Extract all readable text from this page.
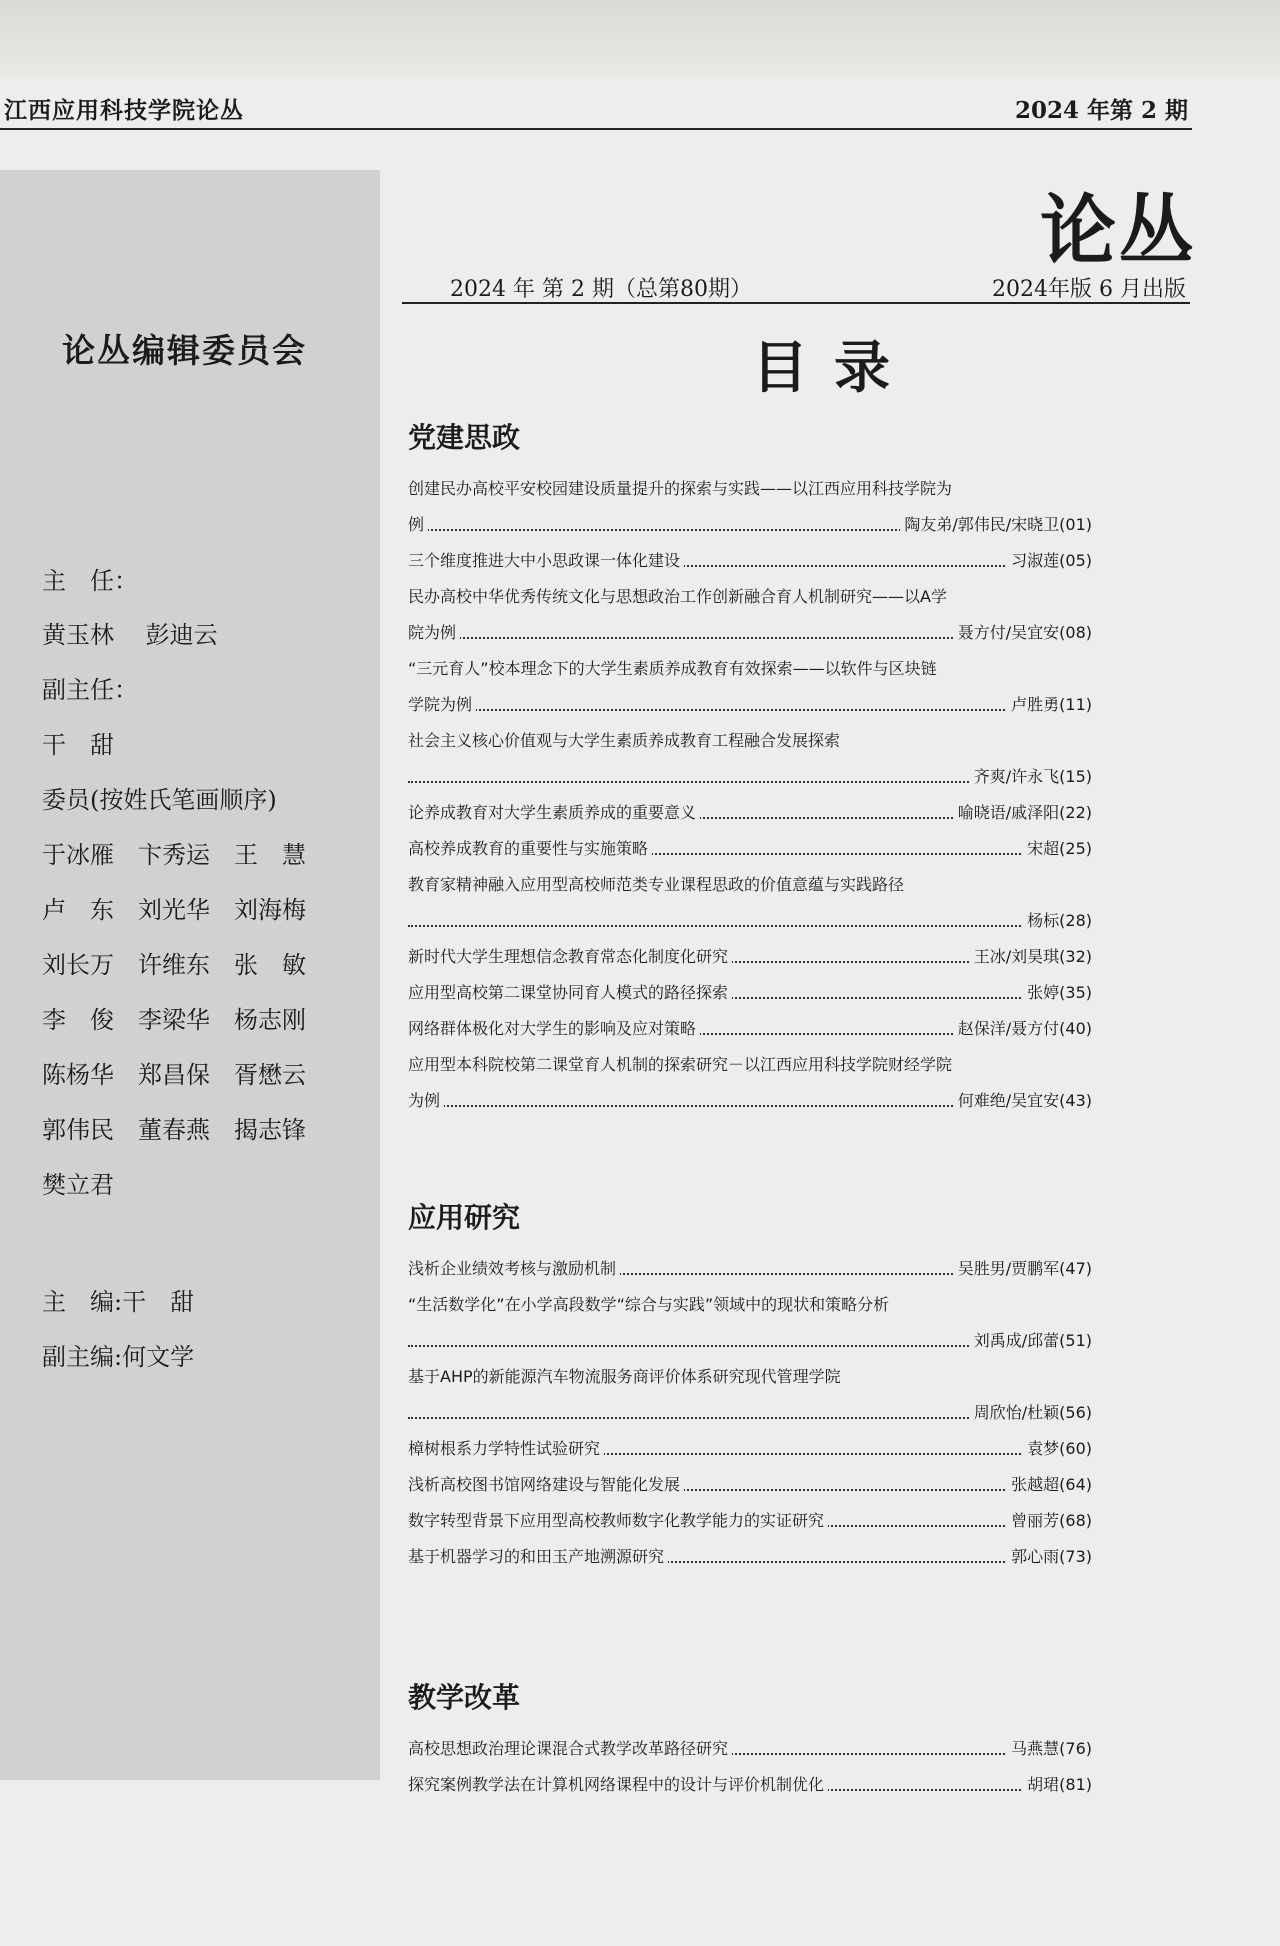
江西应用科技学院论丛	2024 年第 2 期
论丛编辑委员会
主　任：
黄玉林　 彭迪云
副主任：
干　甜
委员(按姓氏笔画顺序)
于冰雁　卞秀运　王　慧
卢　东　刘光华　刘海梅
刘长万　许维东　张　敏
李　俊　李梁华　杨志刚
陈杨华　郑昌保　胥懋云
郭伟民　董春燕　揭志锋
樊立君
主　编:干　甜
副主编:何文学
论丛
2024 年 第 2 期（总第80期）	2024年版 6 月出版
目录
党建思政
创建民办高校平安校园建设质量提升的探索与实践——以江西应用科技学院为
例	陶友弟/郭伟民/宋晓卫(01)
三个维度推进大中小思政课一体化建设	习淑莲(05)
民办高校中华优秀传统文化与思想政治工作创新融合育人机制研究——以A学
院为例	聂方付/吴宜安(08)
“三元育人”校本理念下的大学生素质养成教育有效探索——以软件与区块链
学院为例	卢胜勇(11)
社会主义核心价值观与大学生素质养成教育工程融合发展探索
齐爽/许永飞(15)
论养成教育对大学生素质养成的重要意义	喻晓语/戚泽阳(22)
高校养成教育的重要性与实施策略	宋超(25)
教育家精神融入应用型高校师范类专业课程思政的价值意蕴与实践路径
杨标(28)
新时代大学生理想信念教育常态化制度化研究	王冰/刘昊琪(32)
应用型高校第二课堂协同育人模式的路径探索	张婷(35)
网络群体极化对大学生的影响及应对策略	赵保洋/聂方付(40)
应用型本科院校第二课堂育人机制的探索研究－以江西应用科技学院财经学院
为例	何难绝/吴宜安(43)
应用研究
浅析企业绩效考核与激励机制	吴胜男/贾鹏军(47)
“生活数学化”在小学高段数学“综合与实践”领域中的现状和策略分析
刘禹成/邱蕾(51)
基于AHP的新能源汽车物流服务商评价体系研究现代管理学院
周欣怡/杜颖(56)
樟树根系力学特性试验研究	袁梦(60)
浅析高校图书馆网络建设与智能化发展	张越超(64)
数字转型背景下应用型高校教师数字化教学能力的实证研究	曾丽芳(68)
基于机器学习的和田玉产地溯源研究	郭心雨(73)
教学改革
高校思想政治理论课混合式教学改革路径研究	马燕慧(76)
探究案例教学法在计算机网络课程中的设计与评价机制优化	胡珺(81)
